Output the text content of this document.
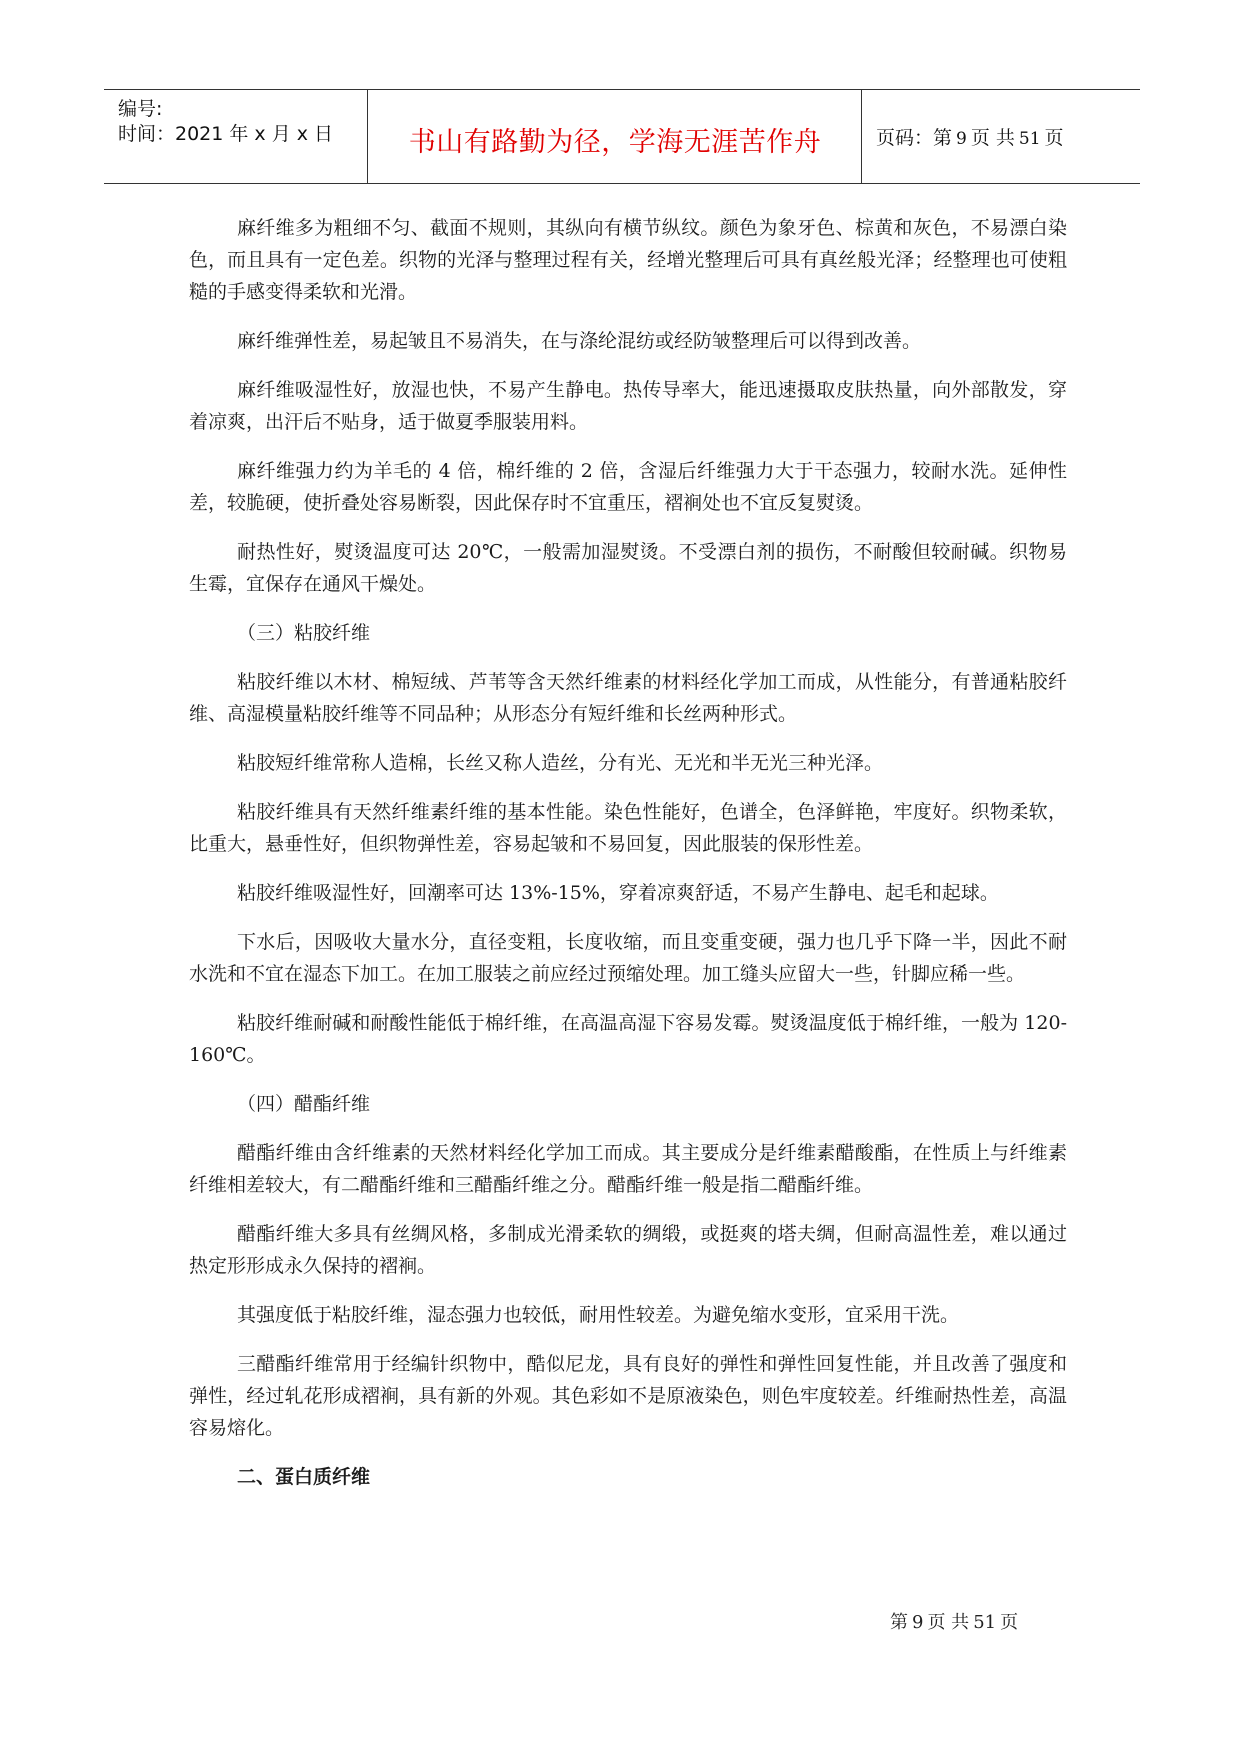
编号:
时间：2021 年 x 月 x 日	书山有路勤为径，学海无涯苦作舟	页码：第 9 页 共 51 页

麻纤维多为粗细不匀、截面不规则，其纵向有横节纵纹。颜色为象牙色、棕黄和灰色，不易漂白染色，而且具有一定色差。织物的光泽与整理过程有关，经增光整理后可具有真丝般光泽；经整理也可使粗糙的手感变得柔软和光滑。

麻纤维弹性差，易起皱且不易消失，在与涤纶混纺或经防皱整理后可以得到改善。

麻纤维吸湿性好，放湿也快，不易产生静电。热传导率大，能迅速摄取皮肤热量，向外部散发，穿着凉爽，出汗后不贴身，适于做夏季服装用料。

麻纤维强力约为羊毛的 4 倍，棉纤维的 2 倍，含湿后纤维强力大于干态强力，较耐水洗。延伸性差，较脆硬，使折叠处容易断裂，因此保存时不宜重压，褶裥处也不宜反复熨烫。

耐热性好，熨烫温度可达 20℃，一般需加湿熨烫。不受漂白剂的损伤，不耐酸但较耐碱。织物易生霉，宜保存在通风干燥处。

（三）粘胶纤维

粘胶纤维以木材、棉短绒、芦苇等含天然纤维素的材料经化学加工而成，从性能分，有普通粘胶纤维、高湿模量粘胶纤维等不同品种；从形态分有短纤维和长丝两种形式。

粘胶短纤维常称人造棉，长丝又称人造丝，分有光、无光和半无光三种光泽。

粘胶纤维具有天然纤维素纤维的基本性能。染色性能好，色谱全，色泽鲜艳，牢度好。织物柔软，比重大，悬垂性好，但织物弹性差，容易起皱和不易回复，因此服装的保形性差。

粘胶纤维吸湿性好，回潮率可达 13%-15%，穿着凉爽舒适，不易产生静电、起毛和起球。

下水后，因吸收大量水分，直径变粗，长度收缩，而且变重变硬，强力也几乎下降一半，因此不耐水洗和不宜在湿态下加工。在加工服装之前应经过预缩处理。加工缝头应留大一些，针脚应稀一些。

粘胶纤维耐碱和耐酸性能低于棉纤维，在高温高湿下容易发霉。熨烫温度低于棉纤维，一般为 120-160℃。

（四）醋酯纤维

醋酯纤维由含纤维素的天然材料经化学加工而成。其主要成分是纤维素醋酸酯，在性质上与纤维素纤维相差较大，有二醋酯纤维和三醋酯纤维之分。醋酯纤维一般是指二醋酯纤维。

醋酯纤维大多具有丝绸风格，多制成光滑柔软的绸缎，或挺爽的塔夫绸，但耐高温性差，难以通过热定形形成永久保持的褶裥。

其强度低于粘胶纤维，湿态强力也较低，耐用性较差。为避免缩水变形，宜采用干洗。

三醋酯纤维常用于经编针织物中，酷似尼龙，具有良好的弹性和弹性回复性能，并且改善了强度和弹性，经过轧花形成褶裥，具有新的外观。其色彩如不是原液染色，则色牢度较差。纤维耐热性差，高温容易熔化。

二、蛋白质纤维

第 9 页 共 51 页
